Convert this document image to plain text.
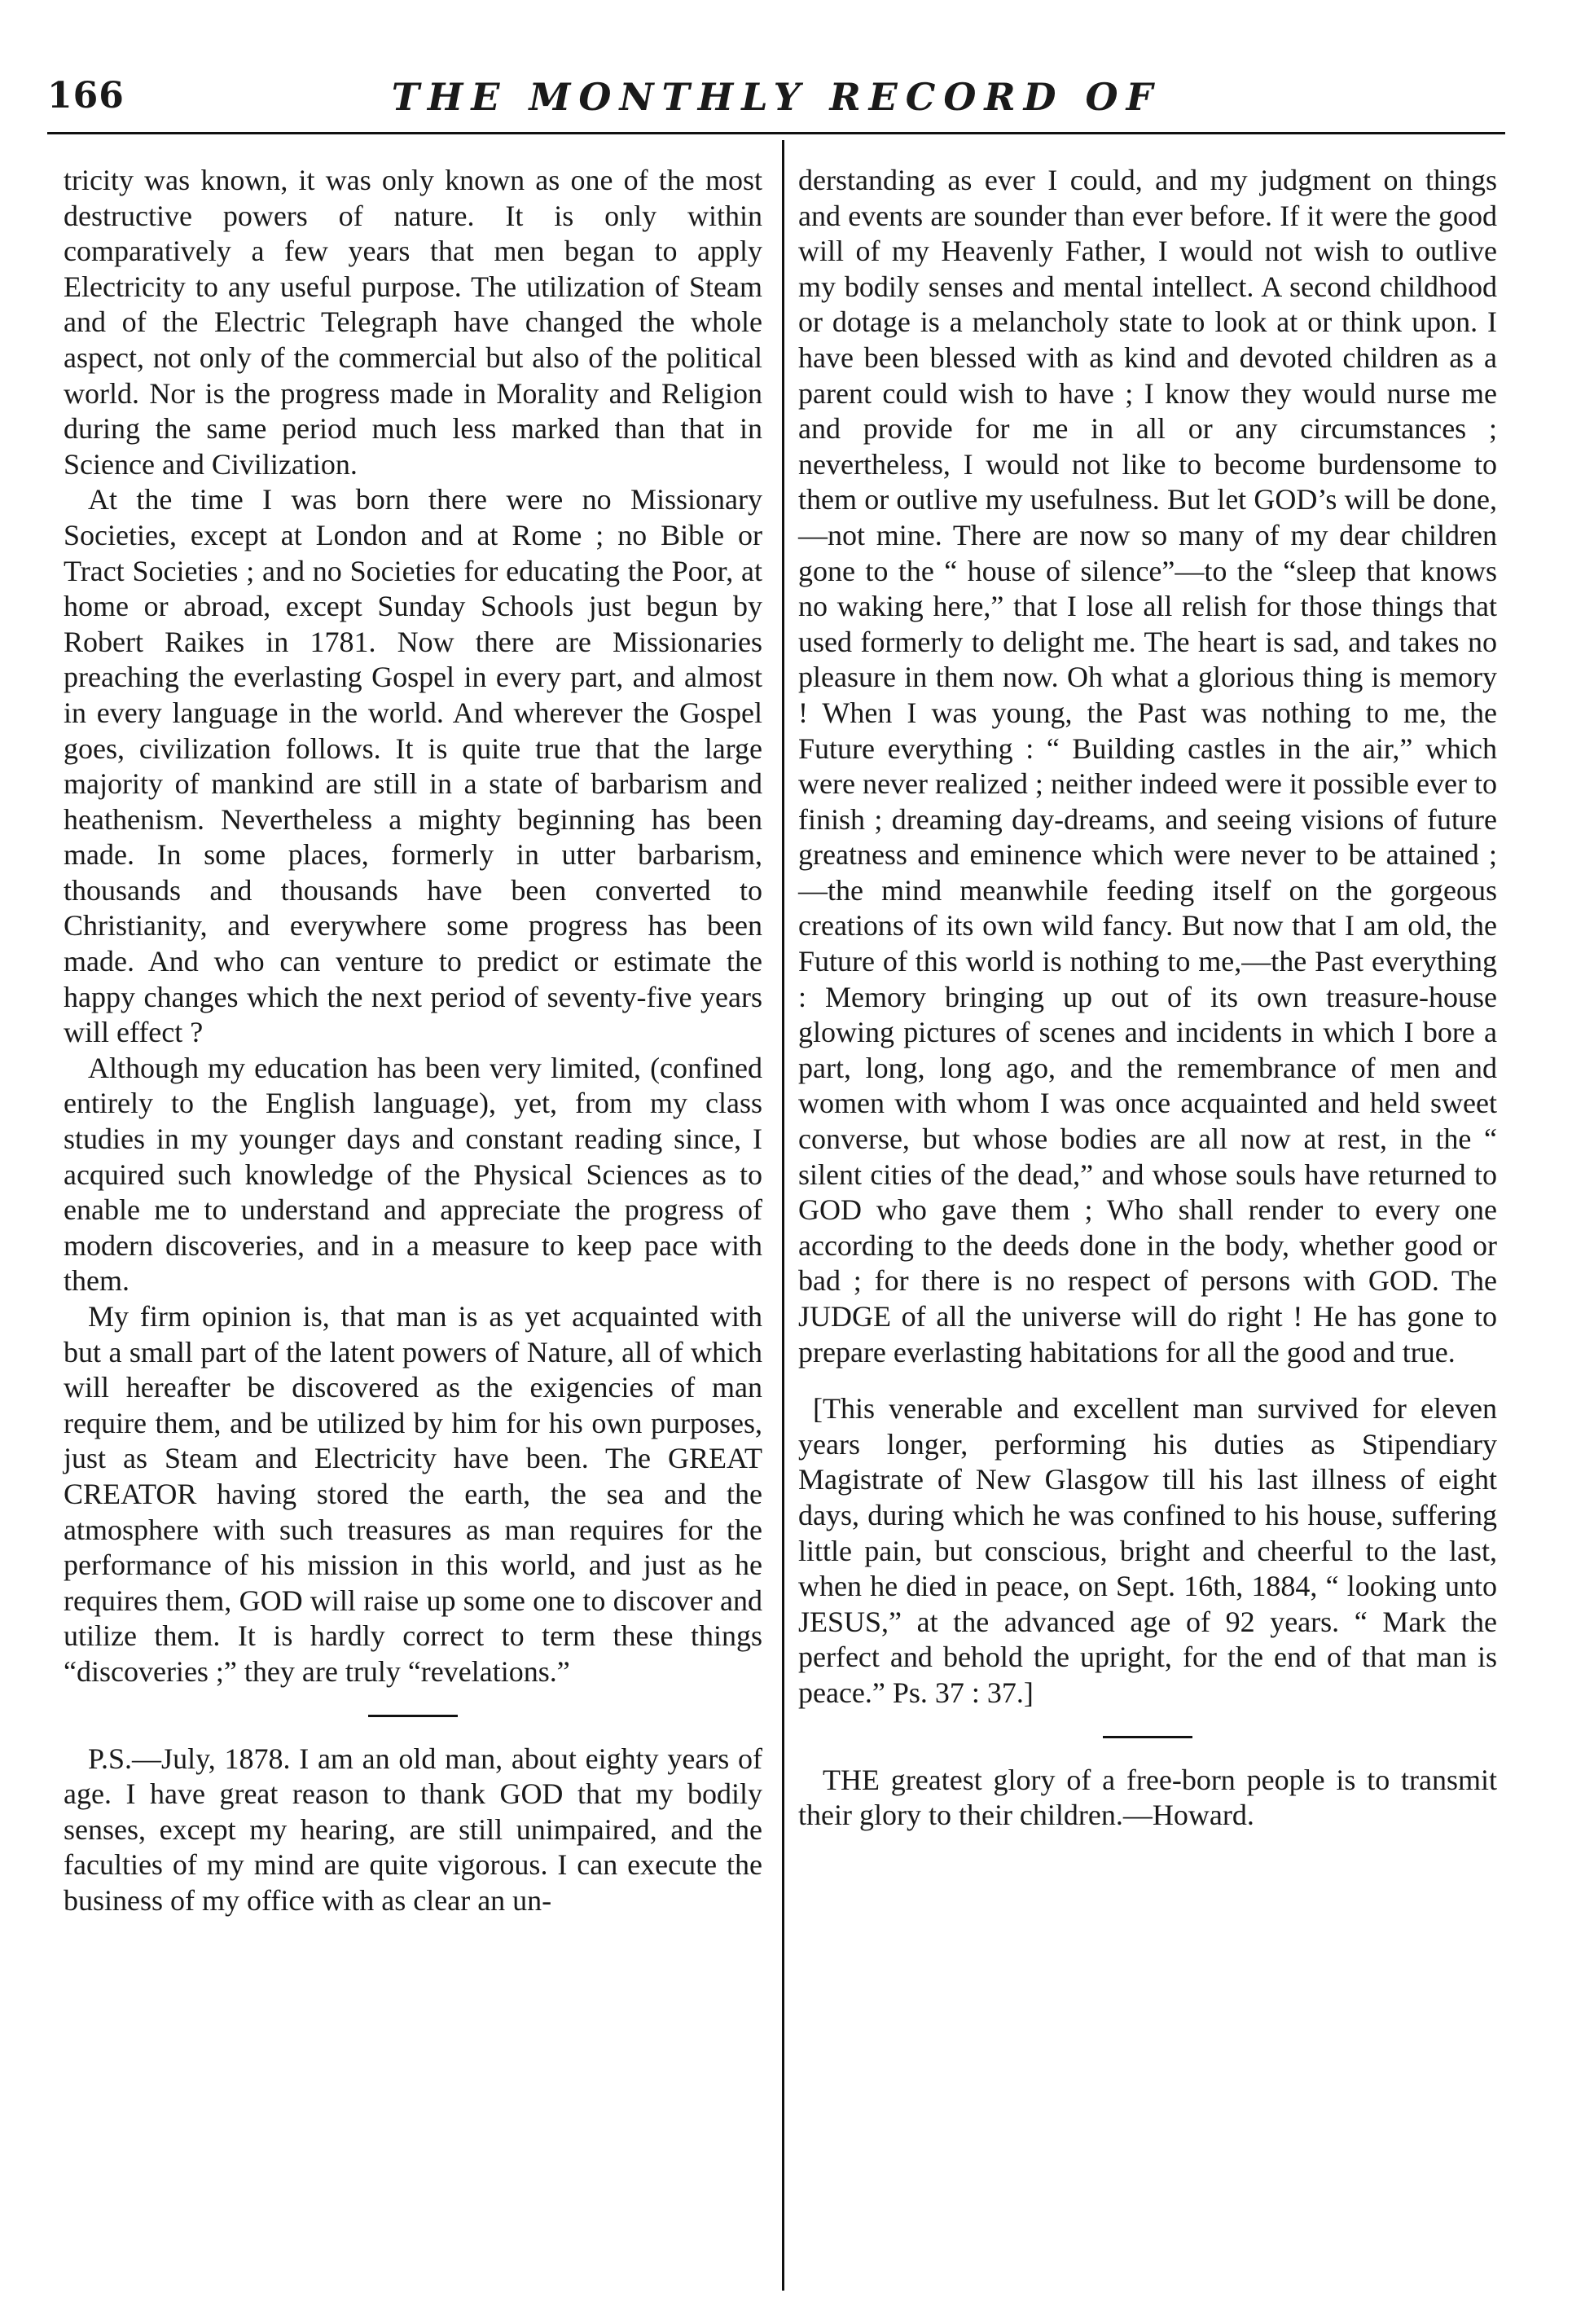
166	THE MONTHLY RECORD OF

tricity was known, it was only known as one of the most destructive powers of nature. It is only within comparatively a few years that men began to apply Electricity to any useful purpose. The utilization of Steam and of the Electric Telegraph have changed the whole aspect, not only of the commercial but also of the political world. Nor is the progress made in Morality and Religion during the same period much less marked than that in Science and Civilization.

At the time I was born there were no Missionary Societies, except at London and at Rome ; no Bible or Tract Societies ; and no Societies for educating the Poor, at home or abroad, except Sunday Schools just begun by Robert Raikes in 1781. Now there are Missionaries preaching the everlasting Gospel in every part, and almost in every language in the world. And wherever the Gospel goes, civilization follows. It is quite true that the large majority of mankind are still in a state of barbarism and heathenism. Nevertheless a mighty beginning has been made. In some places, formerly in utter barbarism, thousands and thousands have been converted to Christianity, and everywhere some progress has been made. And who can venture to predict or estimate the happy changes which the next period of seventy-five years will effect ?

Although my education has been very limited, (confined entirely to the English language), yet, from my class studies in my younger days and constant reading since, I acquired such knowledge of the Physical Sciences as to enable me to understand and appreciate the progress of modern discoveries, and in a measure to keep pace with them.

My firm opinion is, that man is as yet acquainted with but a small part of the latent powers of Nature, all of which will hereafter be discovered as the exigencies of man require them, and be utilized by him for his own purposes, just as Steam and Electricity have been. The GREAT CREATOR having stored the earth, the sea and the atmosphere with such treasures as man requires for the performance of his mission in this world, and just as he requires them, GOD will raise up some one to discover and utilize them. It is hardly correct to term these things “discoveries ;” they are truly “revelations.”

P.S.—July, 1878. I am an old man, about eighty years of age. I have great reason to thank GOD that my bodily senses, except my hearing, are still unimpaired, and the faculties of my mind are quite vigorous. I can execute the business of my office with as clear an un-

derstanding as ever I could, and my judgment on things and events are sounder than ever before. If it were the good will of my Heavenly Father, I would not wish to outlive my bodily senses and mental intellect. A second childhood or dotage is a melancholy state to look at or think upon. I have been blessed with as kind and devoted children as a parent could wish to have ; I know they would nurse me and provide for me in all or any circumstances ; nevertheless, I would not like to become burdensome to them or outlive my usefulness. But let GOD’s will be done,—not mine. There are now so many of my dear children gone to the “ house of silence”—to the “sleep that knows no waking here,” that I lose all relish for those things that used formerly to delight me. The heart is sad, and takes no pleasure in them now. Oh what a glorious thing is memory ! When I was young, the Past was nothing to me, the Future everything : “ Building castles in the air,” which were never realized ; neither indeed were it possible ever to finish ; dreaming day-dreams, and seeing visions of future greatness and eminence which were never to be attained ;—the mind meanwhile feeding itself on the gorgeous creations of its own wild fancy. But now that I am old, the Future of this world is nothing to me,—the Past everything : Memory bringing up out of its own treasure-house glowing pictures of scenes and incidents in which I bore a part, long, long ago, and the remembrance of men and women with whom I was once acquainted and held sweet converse, but whose bodies are all now at rest, in the “ silent cities of the dead,” and whose souls have returned to GOD who gave them ; Who shall render to every one according to the deeds done in the body, whether good or bad ; for there is no respect of persons with GOD. The JUDGE of all the universe will do right ! He has gone to prepare everlasting habitations for all the good and true.

[This venerable and excellent man survived for eleven years longer, performing his duties as Stipendiary Magistrate of New Glasgow till his last illness of eight days, during which he was confined to his house, suffering little pain, but conscious, bright and cheerful to the last, when he died in peace, on Sept. 16th, 1884, “ looking unto JESUS,” at the advanced age of 92 years. “ Mark the perfect and behold the upright, for the end of that man is peace.” Ps. 37 : 37.]

THE greatest glory of a free-born people is to transmit their glory to their children.—Howard.
